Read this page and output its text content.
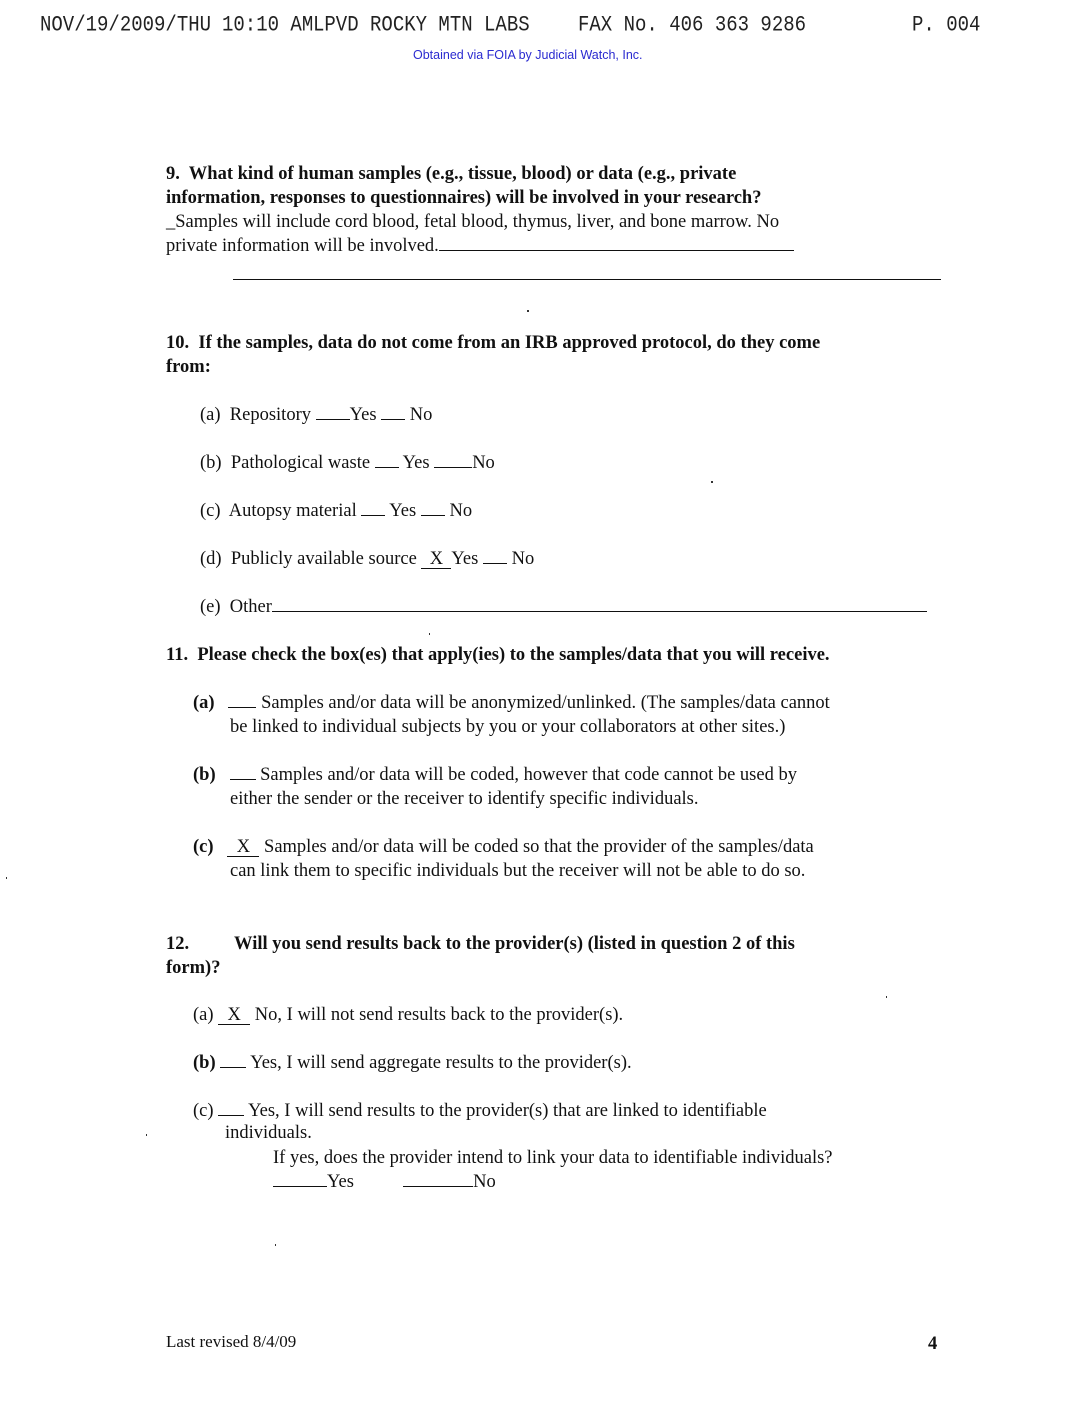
NOV/19/2009/THU 10:10 AM LPVD ROCKY MTN LABS	FAX No. 406 363 9286	P. 004
Obtained via FOIA by Judicial Watch, Inc.
9. What kind of human samples (e.g., tissue, blood) or data (e.g., private
information, responses to questionnaires) will be involved in your research?
_Samples will include cord blood, fetal blood, thymus, liver, and bone marrow. No
private information will be involved.
10. If the samples, data do not come from an IRB approved protocol, do they come
from:
(a) Repository Yes No
(b) Pathological waste Yes No
(c) Autopsy material Yes No
(d) Publicly available source X Yes No
(e) Other
11. Please check the box(es) that apply(ies) to the samples/data that you will receive.
(a)	Samples and/or data will be anonymized/unlinked. (The samples/data cannot
be linked to individual subjects by you or your collaborators at other sites.)
(b) Samples and/or data will be coded, however that code cannot be used by
either the sender or the receiver to identify specific individuals.
(c) X Samples and/or data will be coded so that the provider of the samples/data
can link them to specific individuals but the receiver will not be able to do so.
12. Will you send results back to the provider(s) (listed in question 2 of this
form)?
(a) X No, I will not send results back to the provider(s).
(b) Yes, I will send aggregate results to the provider(s).
(c) Yes, I will send results to the provider(s) that are linked to identifiable
individuals.
If yes, does the provider intend to link your data to identifiable individuals?
Yes	No
Last revised 8/4/09	4
